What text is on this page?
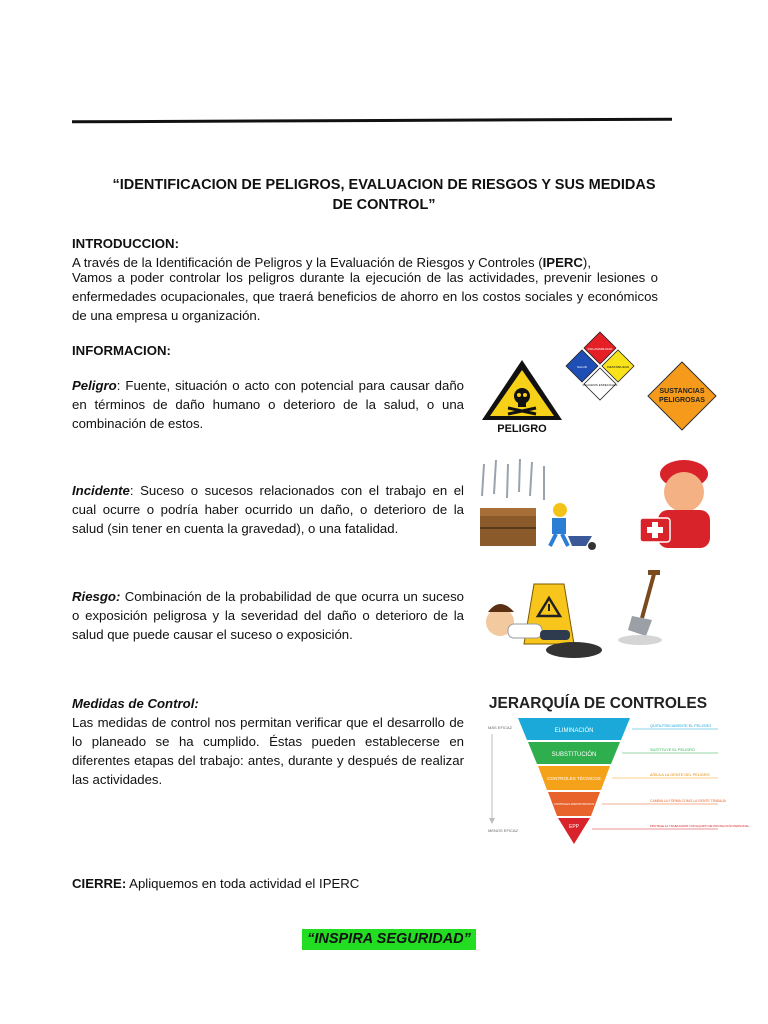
“IDENTIFICACION DE PELIGROS, EVALUACION DE RIESGOS Y SUS MEDIDAS
DE CONTROL”
INTRODUCCION:
A través de la Identificación de Peligros y la Evaluación de Riesgos y Controles (IPERC),
Vamos a poder controlar los peligros durante la ejecución de las actividades, prevenir lesiones o enfermedades ocupacionales, que traerá beneficios de ahorro en los costos sociales y económicos de una empresa u organización.
INFORMACION:
Peligro: Fuente, situación o acto con potencial para causar daño en términos de daño humano o deterioro de la salud, o una combinación de estos.
Incidente: Suceso o sucesos relacionados con el trabajo en el cual ocurre o podría haber ocurrido un daño, o deterioro de la salud (sin tener en cuenta la gravedad), o una fatalidad.
Riesgo: Combinación de la probabilidad de que ocurra un suceso o exposición peligrosa y la severidad del daño o deterioro de la salud que puede causar el suceso o exposición.
Medidas de Control:
Las medidas de control nos permitan verificar que el desarrollo de lo planeado se ha cumplido. Éstas pueden establecerse en diferentes etapas del trabajo: antes, durante y después de realizar las actividades.
CIERRE: Apliquemos en toda actividad el IPERC
“INSPIRA SEGURIDAD”
PELIGRO
INFLAMABILIDAD
SALUD	INESTABILIDAD
PELIGROS ESPECIALES
SUSTANCIAS
PELIGROSAS
JERARQUÍA DE CONTROLES
MÁS EFICAZ
MENOS EFICAZ
ELIMINACIÓN
QUITA FÍSICAMENTE EL PELIGRO
SUBSTITUCIÓN
SUSTITUYE EL PELIGRO
CONTROLES TÉCNICOS
AÍSLA A LA GENTE DEL PELIGRO
CONTROLES ADMINISTRATIVOS
CAMBIA LA FORMA COMO LA GENTE TRABAJA
EPP	PROTEGE AL TRABAJADOR CON EQUIPO DE PROTECCIÓN PERSONAL
